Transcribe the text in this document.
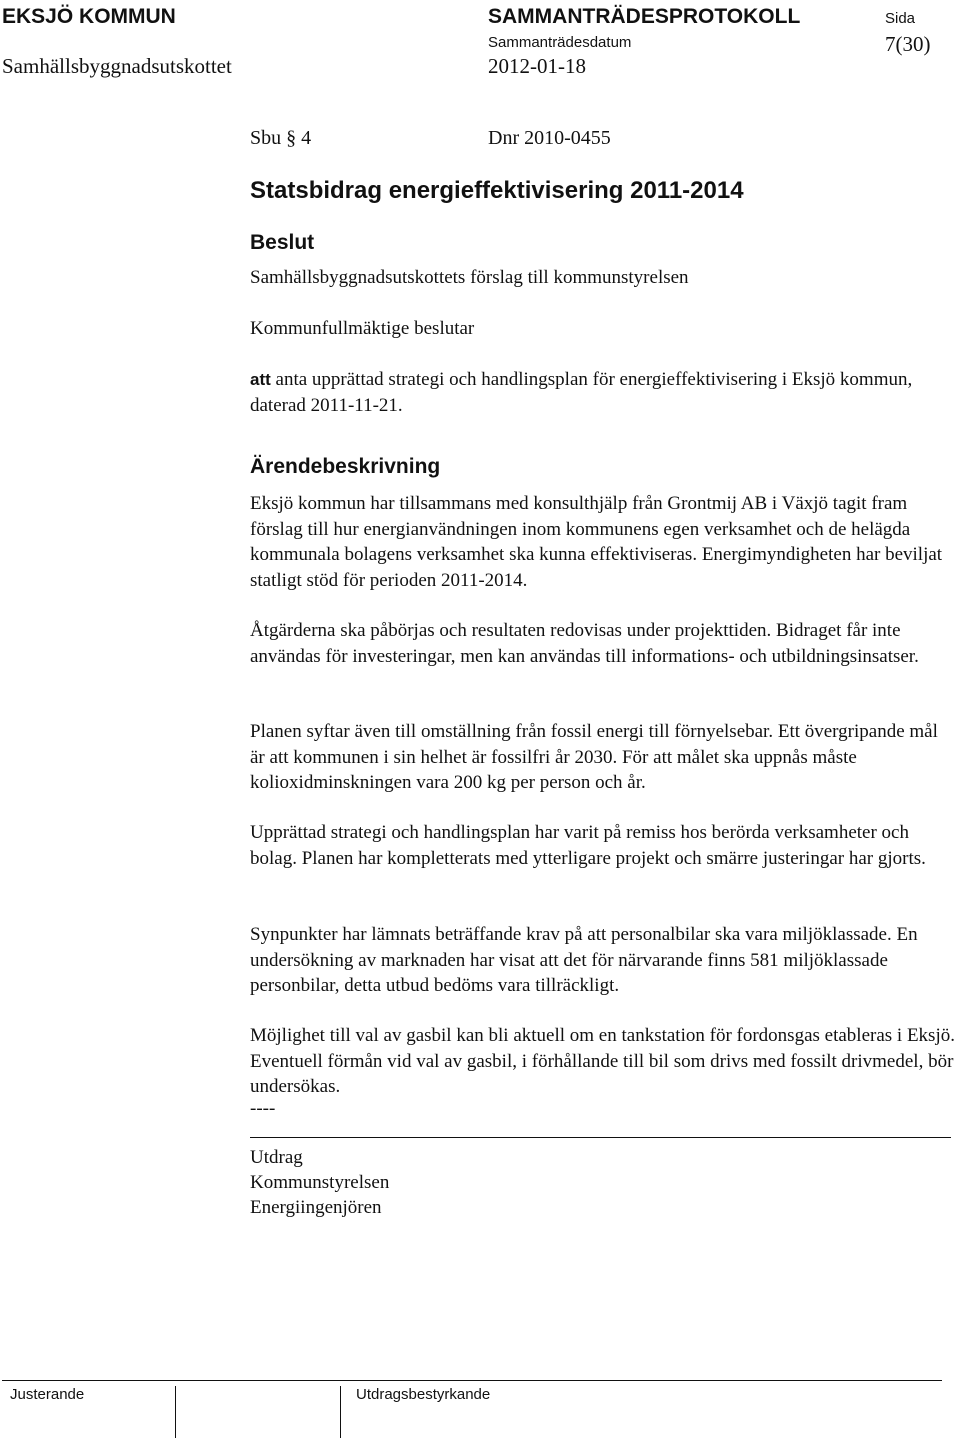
EKSJÖ KOMMUN
Samhällsbyggnadsutskottet
SAMMANTRÄDESPROTOKOLL
Sammanträdesdatum
2012-01-18
Sida
7(30)
Sbu § 4	Dnr 2010-0455
Statsbidrag energieffektivisering 2011-2014
Beslut
Samhällsbyggnadsutskottets förslag till kommunstyrelsen
Kommunfullmäktige beslutar
att anta upprättad strategi och handlingsplan för energieffektivisering i Eksjö kommun, daterad 2011-11-21.
Ärendebeskrivning
Eksjö kommun har tillsammans med konsulthjälp från Grontmij AB i Växjö tagit fram förslag till hur energianvändningen inom kommunens egen verksamhet och de helägda kommunala bolagens verksamhet ska kunna effektiviseras. Energimyndigheten har beviljat statligt stöd för perioden 2011-2014.
Åtgärderna ska påbörjas och resultaten redovisas under projekttiden. Bidraget får inte användas för investeringar, men kan användas till informations- och utbildningsinsatser.
Planen syftar även till omställning från fossil energi till förnyelsebar. Ett övergripande mål är att kommunen i sin helhet är fossilfri år 2030. För att målet ska uppnås måste kolioxidminskningen vara 200 kg per person och år.
Upprättad strategi och handlingsplan har varit på remiss hos berörda verksamheter och bolag. Planen har kompletterats med ytterligare projekt och smärre justeringar har gjorts.
Synpunkter har lämnats beträffande krav på att personalbilar ska vara miljöklassade. En undersökning av marknaden har visat att det för närvarande finns 581 miljöklassade personbilar, detta utbud bedöms vara tillräckligt.
Möjlighet till val av gasbil kan bli aktuell om en tankstation för fordonsgas etableras i Eksjö. Eventuell förmån vid val av gasbil, i förhållande till bil som drivs med fossilt drivmedel, bör undersökas.
----
Utdrag
Kommunstyrelsen
Energiingenjören
Justerande	Utdragsbestyrkande
